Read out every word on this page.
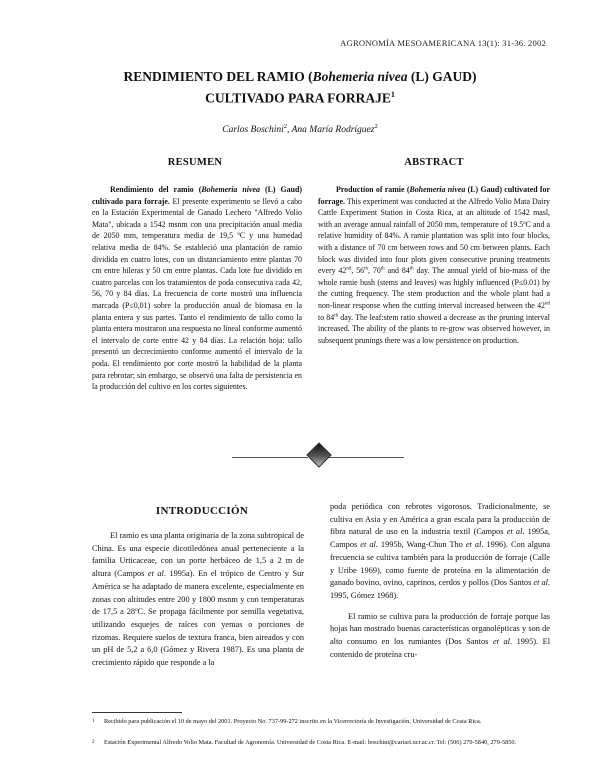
AGRONOMÍA MESOAMERICANA 13(1): 31-36. 2002
RENDIMIENTO DEL RAMIO (Bohemeria nivea (L) GAUD)
CULTIVADO PARA FORRAJE$^1$
Carlos Boschini$^2$, Ana María Rodríguez$^2$
RESUMEN	ABSTRACT

Rendimiento del ramio (Bohemeria nivea (L) Gaud) cultivado para forraje. El presente experimento se llevó a cabo en la Estación Experimental de Ganado Lechero "Alfredo Volio Mata", ubicada a 1542 msnm con una precipitación anual media de 2050 mm, temperatura media de 19,5 ºC y una humedad relativa media de 84%. Se estableció una plantación de ramio dividida en cuatro lotes, con un distanciamiento entre plantas 70 cm entre hileras y 50 cm entre plantas. Cada lote fue dividido en cuatro parcelas con los tratamientos de poda consecutiva cada 42, 56, 70 y 84 días. La frecuencia de corte mostró una influencia marcada (P≤0,01) sobre la producción anual de biomasa en la planta entera y sus partes. Tanto el rendimiento de tallo como la planta entera mostraron una respuesta no lineal conforme aumentó el intervalo de corte entre 42 y 84 días. La relación hoja: tallo presentó un decrecimiento conforme aumentó el intervalo de la poda. El rendimiento por corte mostró la habilidad de la planta para rebrotar; sin embargo, se observó una falta de persistencia en la producción del cultivo en los cortes siguientes.

Production of ramie (Bohemeria nivea (L) Gaud) cultivated for forrage. This experiment was conducted at the Alfredo Volio Mata Dairy Cattle Experiment Station in Costa Rica, at an altitude of 1542 masl, with an average annual rainfall of 2050 mm, temperature of 19.5ºC and a relative humidity of 84%. A ramie plantation was split into four blocks, with a distance of 70 cm between rows and 50 cm between plants. Each block was divided into four plots given consecutive pruning treatments every 42nd, 56th, 70th and 84th day. The annual yield of bio-mass of the whole ramie bush (stems and leaves) was highly influenced (P≤0.01) by the cutting frequency. The stem production and the whole plant had a non-linear response when the cutting interval increased between the 42nd to 84th day. The leaf:stem ratio showed a decrease as the pruning interval increased. The ability of the plants to re-grow was observed however, in subsequent prunings there was a low persistence on production.

INTRODUCCIÓN

El ramio es una planta originaria de la zona subtropical de China. Es una especie dicotiledónea anual perteneciente a la familia Urticaceae, con un porte herbáceo de 1,5 a 2 m de altura (Campos et al. 1995a). En el trópico de Centro y Sur América se ha adaptado de manera excelente, especialmente en zonas con altitudes entre 200 y 1800 msnm y con temperaturas de 17,5 a 28ºC. Se propaga fácilmente por semilla vegetativa, utilizando esquejes de raíces con yemas o porciones de rizomas. Requiere suelos de textura franca, bien aireados y con un pH de 5,2 a 6,0 (Gómez y Rivera 1987). Es una planta de crecimiento rápido que responde a la

poda periódica con rebrotes vigorosos. Tradicionalmente, se cultiva en Asia y en América a gran escala para la producción de fibra natural de uso en la industria textil (Campos et al. 1995a, Campos et al. 1995b, Wang-Chun Tho et al. 1996). Con alguna frecuencia se cultiva también para la producción de forraje (Calle y Uribe 1969), como fuente de proteína en la alimentación de ganado bovino, ovino, caprinos, cerdos y pollos (Dos Santos et al. 1995, Gómez 1968).

El ramio se cultiva para la producción de forraje porque las hojas han mostrado buenas características organolépticas y son de alto consumo en los rumiantes (Dos Santos et al. 1995). El contenido de proteína cru-

1	Recibido para publicación el 10 de mayo del 2001. Proyecto No. 737-99-272 inscrito en la Vicerrectoría de Investigación, Universidad de Costa Rica.
2	Estación Experimental Alfredo Volio Mata. Facultad de Agronomía. Universidad de Costa Rica. E-mail: boschini@cariari.ucr.ac.cr. Tel: (506) 279-5840, 279-5850.
